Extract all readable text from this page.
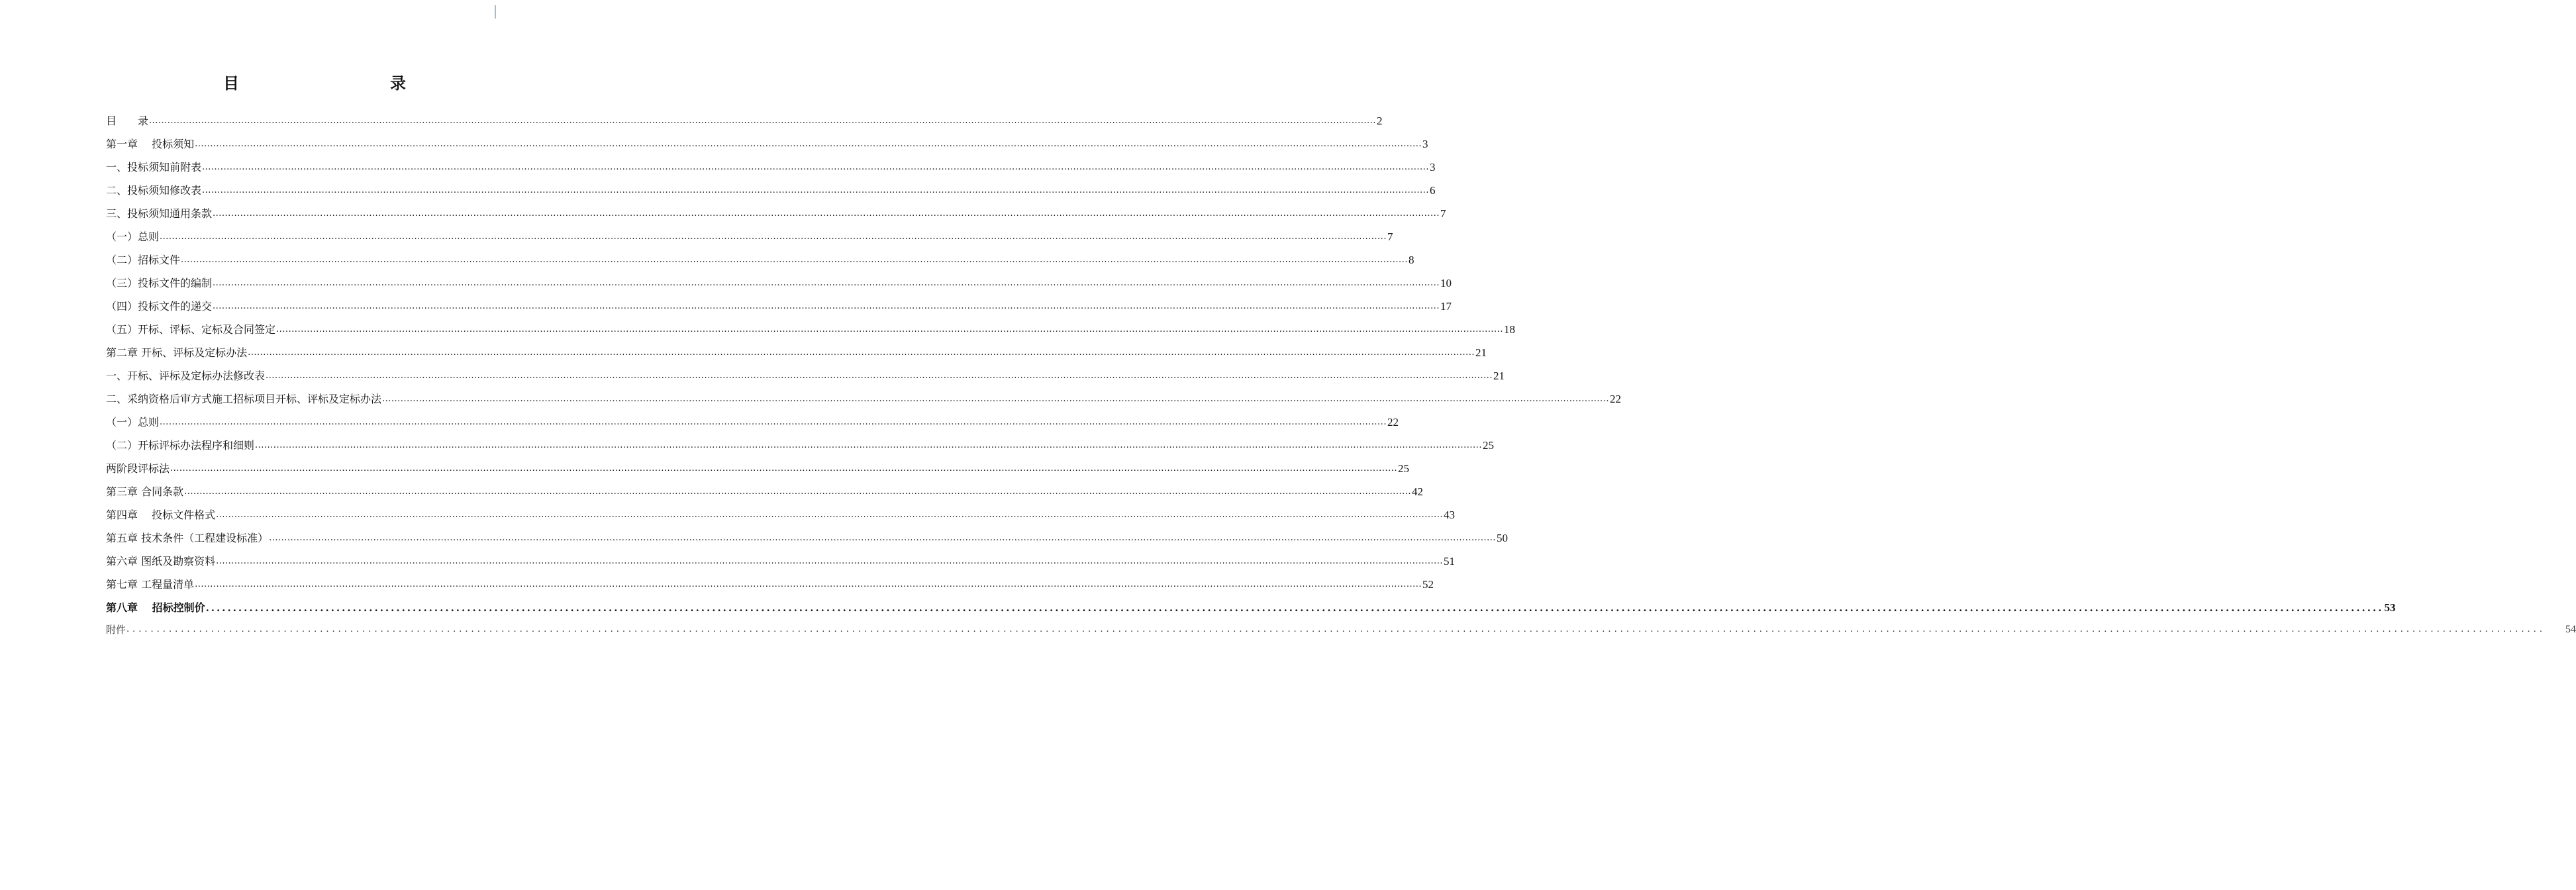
目　　录
目　　录 ................................................................................................................................................................................................................................................................................................................................................................................................................ 2
第一章　 投标须知 ................................................................................................................................................................................................................................................................................................................................................................................................................ 3
一、投标须知前附表 ................................................................................................................................................................................................................................................................................................................................................................................................................ 3
二、投标须知修改表 ................................................................................................................................................................................................................................................................................................................................................................................................................ 6
三、投标须知通用条款 ................................................................................................................................................................................................................................................................................................................................................................................................................ 7
（一）总则 ................................................................................................................................................................................................................................................................................................................................................................................................................ 7
（二）招标文件 ................................................................................................................................................................................................................................................................................................................................................................................................................ 8
（三）投标文件的编制 ................................................................................................................................................................................................................................................................................................................................................................................................................ 10
（四）投标文件的递交 ................................................................................................................................................................................................................................................................................................................................................................................................................ 17
（五）开标、评标、定标及合同签定 ................................................................................................................................................................................................................................................................................................................................................................................................................ 18
第二章 开标、评标及定标办法 ................................................................................................................................................................................................................................................................................................................................................................................................................ 21
一、开标、评标及定标办法修改表 ................................................................................................................................................................................................................................................................................................................................................................................................................ 21
二、采纳资格后审方式施工招标项目开标、评标及定标办法 ................................................................................................................................................................................................................................................................................................................................................................................................................ 22
（一）总则 ................................................................................................................................................................................................................................................................................................................................................................................................................ 22
（二）开标评标办法程序和细则 ................................................................................................................................................................................................................................................................................................................................................................................................................ 25
两阶段评标法 ................................................................................................................................................................................................................................................................................................................................................................................................................ 25
第三章 合同条款 ................................................................................................................................................................................................................................................................................................................................................................................................................ 42
第四章　 投标文件格式 ................................................................................................................................................................................................................................................................................................................................................................................................................ 43
第五章 技术条件（工程建设标准） ................................................................................................................................................................................................................................................................................................................................................................................................................ 50
第六章 图纸及勘察资料 ................................................................................................................................................................................................................................................................................................................................................................................................................ 51
第七章 工程量清单 ................................................................................................................................................................................................................................................................................................................................................................................................................ 52
第八章　 招标控制价 ................................................................................................................................................................................................................................................................................................................................................................................................................ 53
附件 ................................................................................................................................................................................................................................................................................................................................................................................................................ 54
